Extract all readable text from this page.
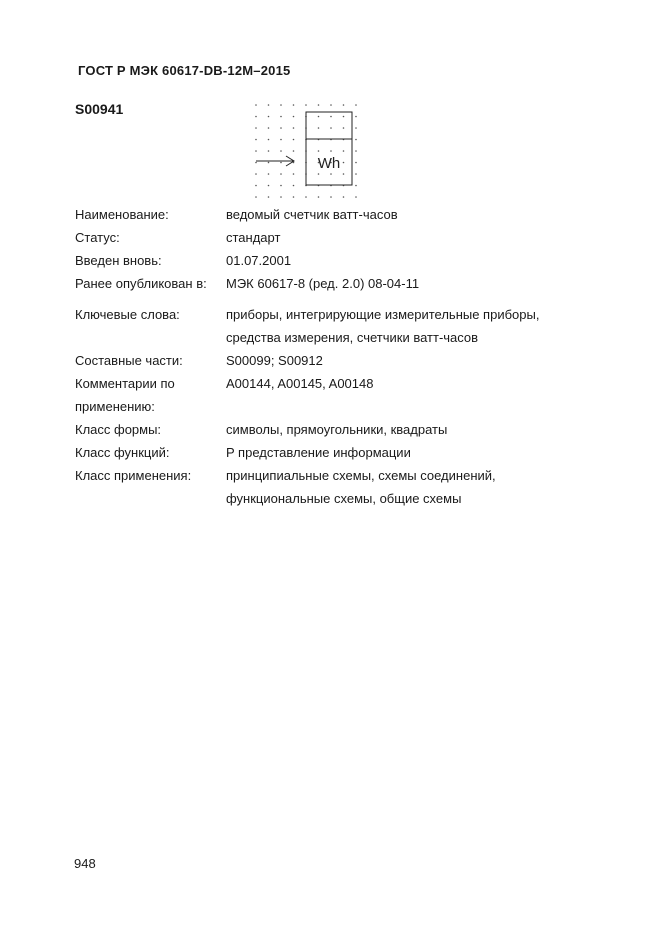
ГОСТ Р МЭК 60617-DB-12M–2015
S00941
Wh
Наименование:	ведомый счетчик ватт-часов
Статус:	стандарт
Введен вновь:	01.07.2001
Ранее опубликован в:	МЭК 60617-8 (ред. 2.0) 08-04-11
Ключевые слова:	приборы, интегрирующие измерительные приборы,
средства измерения, счетчики ватт-часов
Составные части:	S00099; S00912
Комментарии по применению:
A00144, A00145, A00148
Класс формы:	символы, прямоугольники, квадраты
Класс функций:	P представление информации
Класс применения:	принципиальные схемы, схемы соединений,
функциональные схемы, общие схемы
948
